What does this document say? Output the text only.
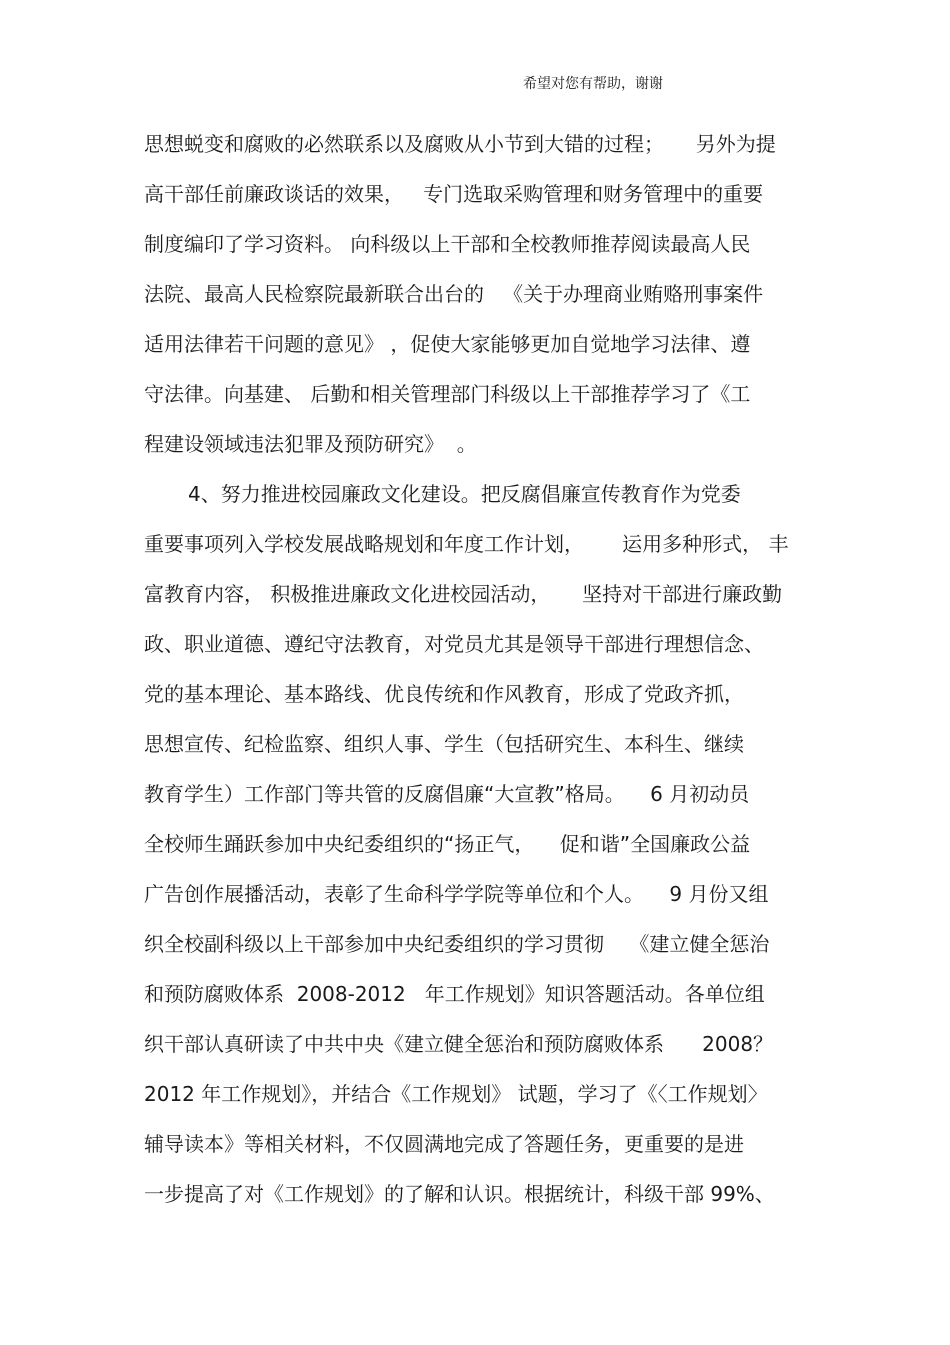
希望对您有帮助，谢谢
思想蜕变和腐败的必然联系以及腐败从小节到大错的过程；     另外为提
高干部任前廉政谈话的效果，   专门选取采购管理和财务管理中的重要
制度编印了学习资料。 向科级以上干部和全校教师推荐阅读最高人民
法院、最高人民检察院最新联合出台的   《关于办理商业贿赂刑事案件
适用法律若干问题的意见》 ，促使大家能够更加自觉地学习法律、遵
守法律。向基建、 后勤和相关管理部门科级以上干部推荐学习了《工
程建设领域违法犯罪及预防研究》  。
4、努力推进校园廉政文化建设。把反腐倡廉宣传教育作为党委
重要事项列入学校发展战略规划和年度工作计划，      运用多种形式， 丰
富教育内容， 积极推进廉政文化进校园活动，     坚持对干部进行廉政勤
政、职业道德、遵纪守法教育，对党员尤其是领导干部进行理想信念、
党的基本理论、基本路线、优良传统和作风教育，形成了党政齐抓，
思想宣传、纪检监察、组织人事、学生（包括研究生、本科生、继续
教育学生）工作部门等共管的反腐倡廉“大宣教”格局。    6 月初动员
全校师生踊跃参加中央纪委组织的“扬正气，    促和谐”全国廉政公益
广告创作展播活动，表彰了生命科学学院等单位和个人。    9 月份又组
织全校副科级以上干部参加中央纪委组织的学习贯彻    《建立健全惩治
和预防腐败体系  2008-2012   年工作规划》知识答题活动。各单位组
织干部认真研读了中共中央《建立健全惩治和预防腐败体系      2008？
2012 年工作规划》，并结合《工作规划》 试题，学习了《〈工作规划〉
辅导读本》等相关材料，不仅圆满地完成了答题任务，更重要的是进
一步提高了对《工作规划》的了解和认识。根据统计，科级干部 99%、
